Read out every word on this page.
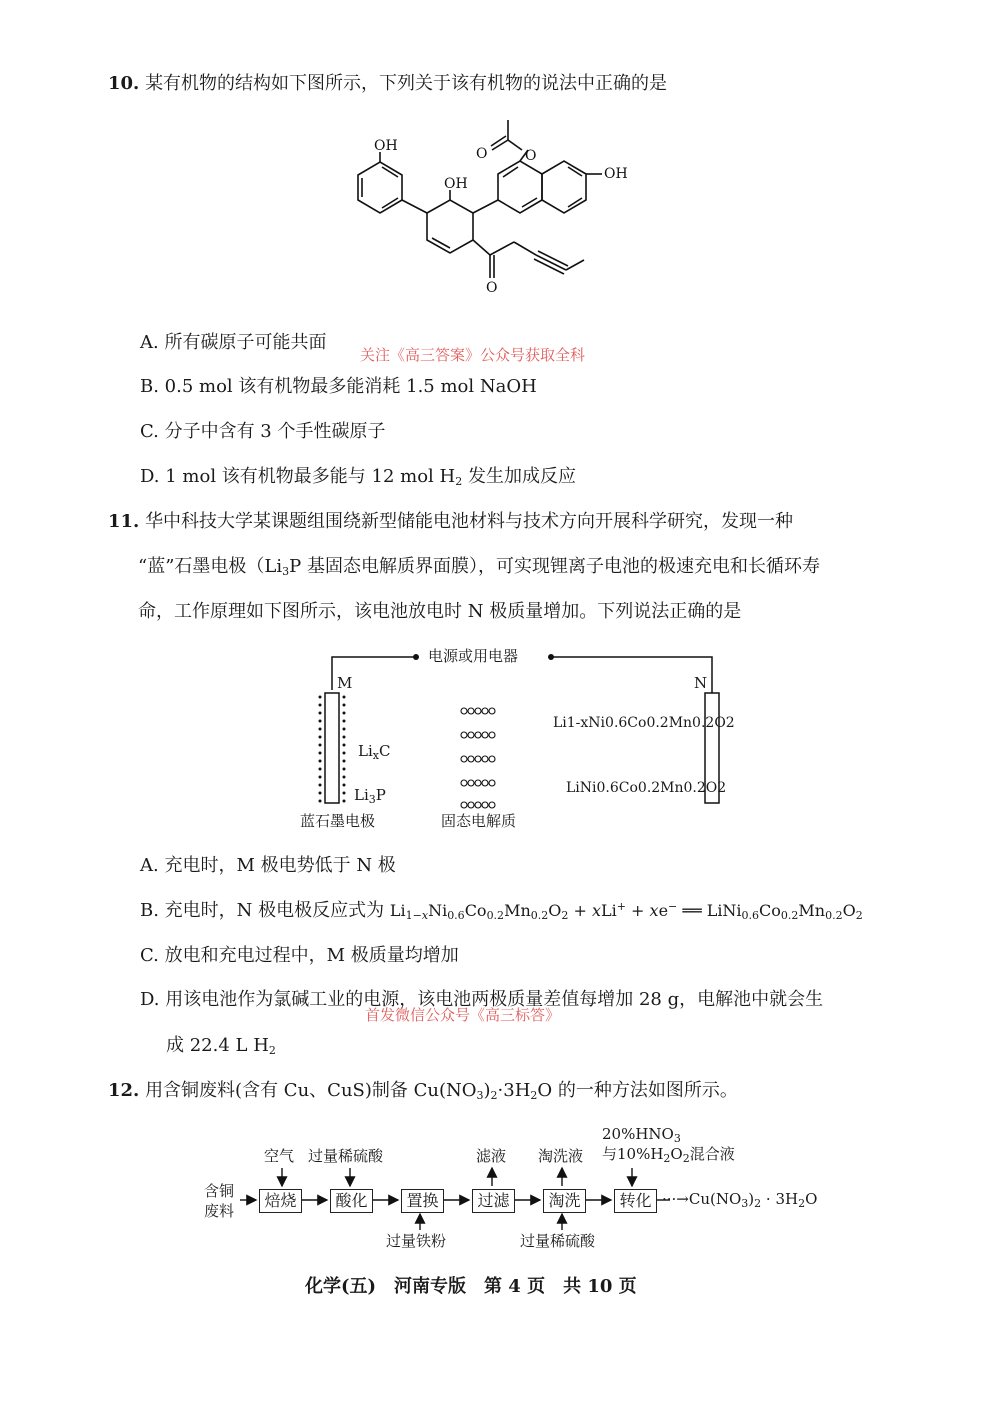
10. 某有机物的结构如下图所示，下列关于该有机物的说法中正确的是
OH
OH
OH
O
O
O
A. 所有碳原子可能共面
关注《高三答案》公众号获取全科
B. 0.5 mol 该有机物最多能消耗 1.5 mol NaOH
C. 分子中含有 3 个手性碳原子
D. 1 mol 该有机物最多能与 12 mol $H_2$ 发生加成反应
11. 华中科技大学某课题组围绕新型储能电池材料与技术方向开展科学研究，发现一种
“蓝”石墨电极（$Li_3P$ 基固态电解质界面膜），可实现锂离子电池的极速充电和长循环寿
命，工作原理如下图所示，该电池放电时 N 极质量增加。下列说法正确的是
电源或用电器
M	N
$Li_xC$
$Li_3P$
Li1-xNi0.6Co0.2Mn0.2O2
LiNi0.6Co0.2Mn0.2O2
蓝石墨电极	固态电解质
A. 充电时，M 极电势低于 N 极
B. 充电时，N 极电极反应式为 $Li_{1-x}Ni_{0.6}Co_{0.2}Mn_{0.2}O_2 + xLi^+ + xe^-$ ══ $LiNi_{0.6}Co_{0.2}Mn_{0.2}O_2$
C. 放电和充电过程中，M 极质量均增加
D. 用该电池作为氯碱工业的电源，该电池两极质量差值每增加 28 g，电解池中就会生
首发微信公众号《高三标答》
成 22.4 L $H_2$
12. 用含铜废料(含有 Cu、CuS)制备 $Cu(NO_3)_2\cdot 3H_2O$ 的一种方法如图所示。
含铜
废料
焙烧	酸化	置换	过滤	淘洗	转化
空气 过量稀硫酸	滤液 淘洗液
$20\%HNO_3$
与$10\%H_2O_2$混合液
过量铁粉	过量稀硫酸
$\cdot\cdot\cdot\to Cu(NO_3)_2 \cdot 3H_2O$
化学(五)　河南专版　第 4 页　共 10 页
